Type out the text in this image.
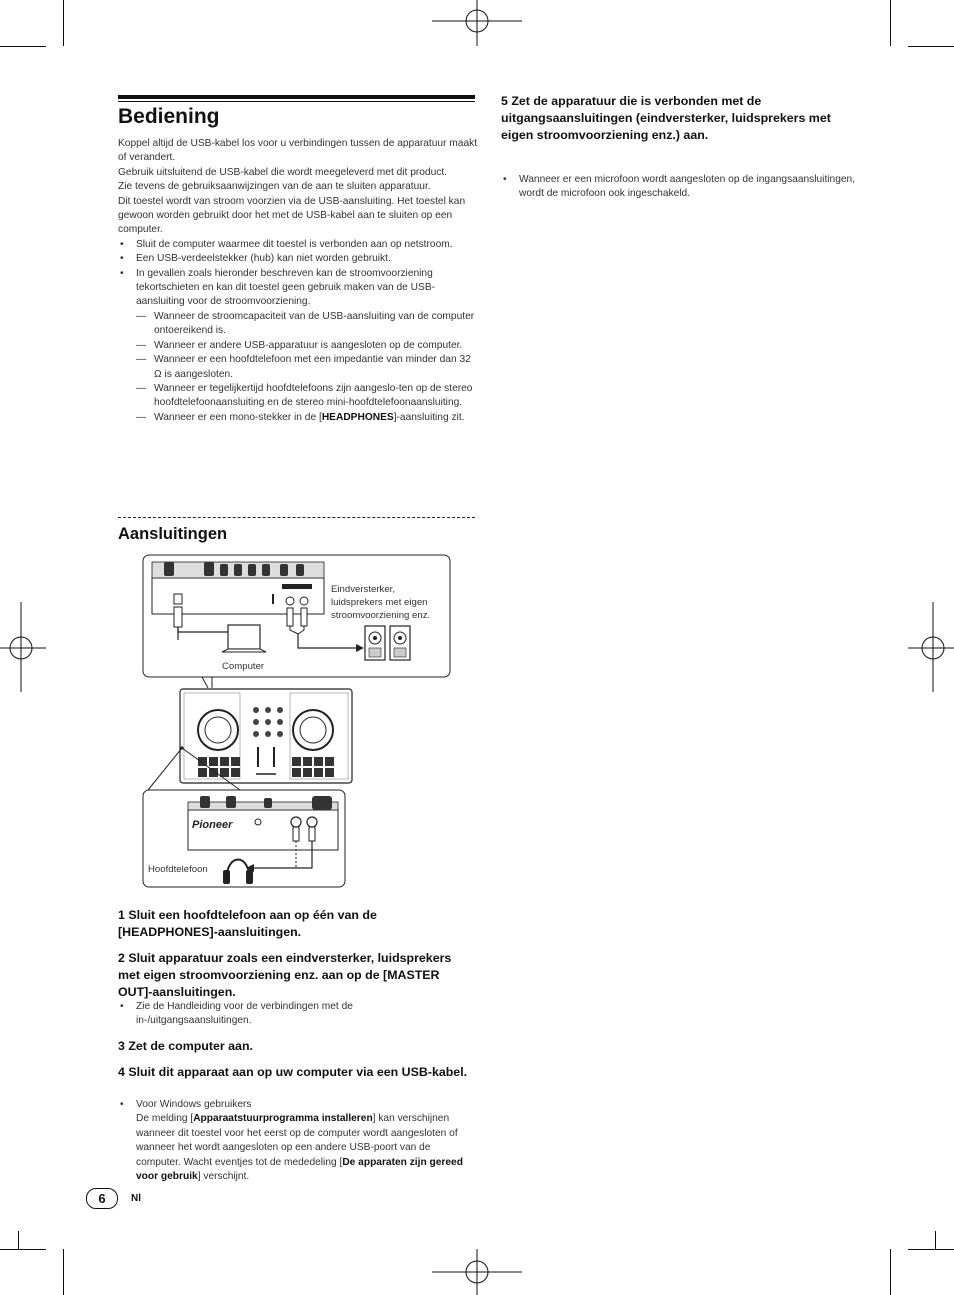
Bediening

Koppel altijd de USB-kabel los voor u verbindingen tussen de apparatuur maakt of verandert.

Gebruik uitsluitend de USB-kabel die wordt meegeleverd met dit product.

Zie tevens de gebruiksaanwijzingen van de aan te sluiten apparatuur.

Dit toestel wordt van stroom voorzien via de USB-aansluiting. Het toestel kan gewoon worden gebruikt door het met de USB-kabel aan te sluiten op een computer.

• Sluit de computer waarmee dit toestel is verbonden aan op netstroom.

• Een USB-verdeelstekker (hub) kan niet worden gebruikt.

• In gevallen zoals hieronder beschreven kan de stroomvoorziening tekortschieten en kan dit toestel geen gebruik maken van de USB-aansluiting voor de stroomvoorziening.

— Wanneer de stroomcapaciteit van de USB-aansluiting van de computer ontoereikend is.

— Wanneer er andere USB-apparatuur is aangesloten op de computer.

— Wanneer er een hoofdtelefoon met een impedantie van minder dan 32 Ω is aangesloten.

— Wanneer er tegelijkertijd hoofdtelefoons zijn aangeslo-ten op de stereo hoofdtelefoonaansluiting en de stereo mini-hoofdtelefoonaansluiting.

— Wanneer er een mono-stekker in de [HEADPHONES]-aansluiting zit.

Aansluitingen
Pioneer
Eindversterker, luidsprekers met eigen stroomvoorziening enz.
Computer
Hoofdtelefoon

1 Sluit een hoofdtelefoon aan op één van de [HEADPHONES]-aansluitingen.

2 Sluit apparatuur zoals een eindversterker, luidsprekers met eigen stroomvoorziening enz. aan op de [MASTER OUT]-aansluitingen.

• Zie de Handleiding voor de verbindingen met de in-/uitgangsaansluitingen.

3 Zet de computer aan.

4 Sluit dit apparaat aan op uw computer via een USB-kabel.

• Voor Windows gebruikers

De melding [Apparaatstuurprogramma installeren] kan verschijnen wanneer dit toestel voor het eerst op de computer wordt aangesloten of wanneer het wordt aangesloten op een andere USB-poort van de computer. Wacht eventjes tot de mededeling [De apparaten zijn gereed voor gebruik] verschijnt.

6	Nl

5 Zet de apparatuur die is verbonden met de uitgangsaansluitingen (eindversterker, luidsprekers met eigen stroomvoorziening enz.) aan.

• Wanneer er een microfoon wordt aangesloten op de ingangsaansluitingen, wordt de microfoon ook ingeschakeld.
